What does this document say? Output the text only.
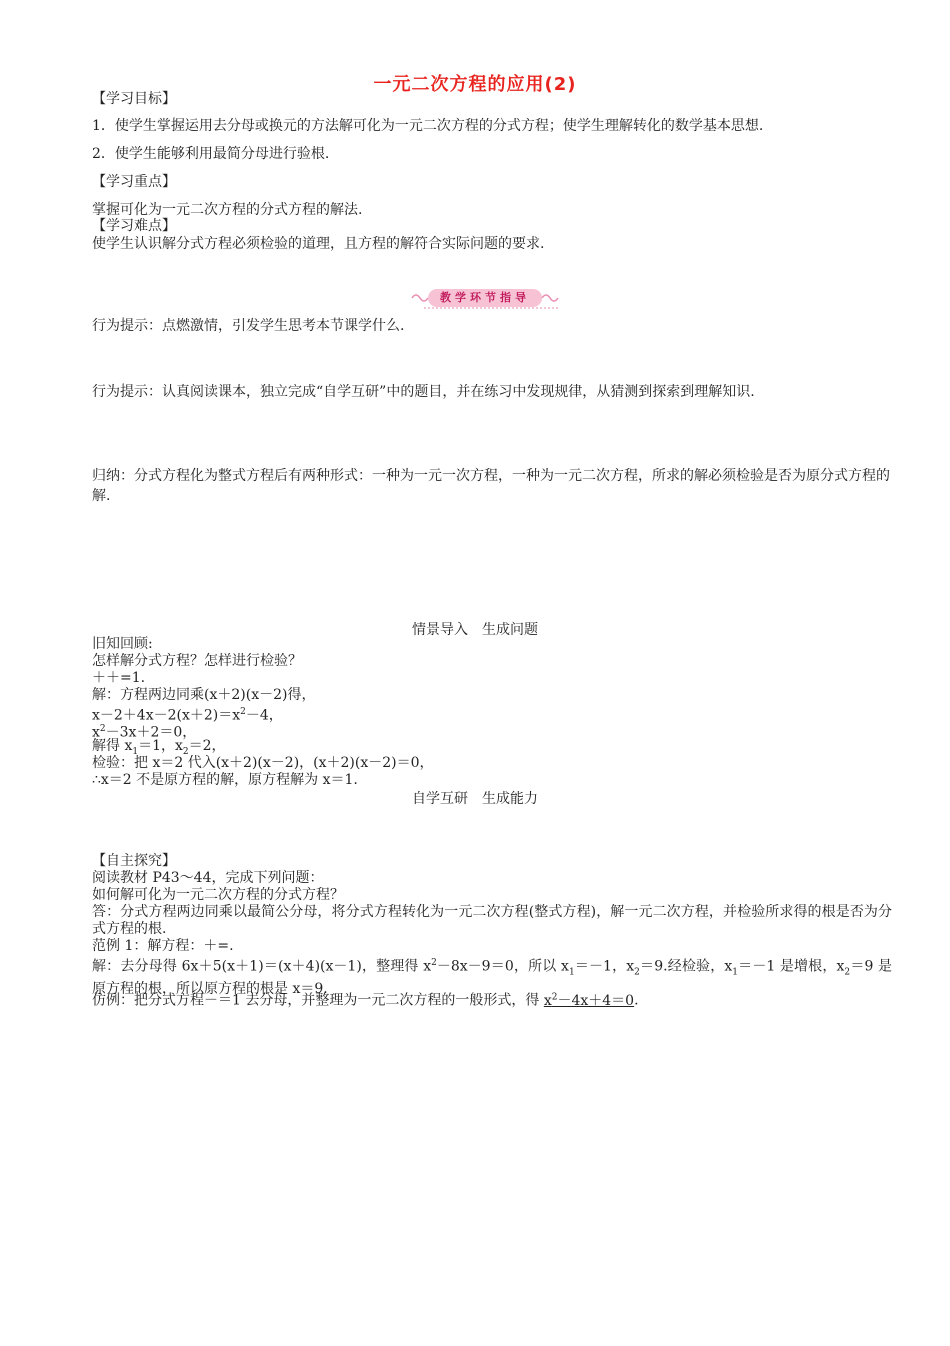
一元二次方程的应用(2)
【学习目标】
1．使学生掌握运用去分母或换元的方法解可化为一元二次方程的分式方程；使学生理解转化的数学基本思想.
2．使学生能够利用最简分母进行验根.
【学习重点】
掌握可化为一元二次方程的分式方程的解法.
【学习难点】
使学生认识解分式方程必须检验的道理，且方程的解符合实际问题的要求.
教学环节指导
行为提示：点燃激情，引发学生思考本节课学什么.
行为提示：认真阅读课本，独立完成“自学互研”中的题目，并在练习中发现规律，从猜测到探索到理解知识.
归纳：分式方程化为整式方程后有两种形式：一种为一元一次方程，一种为一元二次方程，所求的解必须检验是否为原分式方程的解.
情景导入　生成问题
旧知回顾:
怎样解分式方程？怎样进行检验？
＋＋=1.
解：方程两边同乘(x＋2)(x－2)得，
$x-2+4x-2(x+2)=x^2-4$，
$x^2-3x+2=0$，
解得 $x_1=1$，$x_2=2$，
检验：把 x＝2 代入(x＋2)(x－2)，(x＋2)(x－2)＝0，
∴x＝2 不是原方程的解，原方程解为 x＝1.
自学互研　生成能力
【自主探究】
阅读教材 P43～44，完成下列问题：
如何解可化为一元二次方程的分式方程？
答：分式方程两边同乘以最简公分母，将分式方程转化为一元二次方程(整式方程)，解一元二次方程，并检验所求得的根是否为分式方程的根.
范例 1：解方程：＋=.
解：去分母得 6x＋5(x＋1)＝(x＋4)(x－1)，整理得 $x^2-8x-9=0$，所以 $x_1=-1$，$x_2=9$.经检验，$x_1=-1$ 是增根，$x_2=9$ 是原方程的根，所以原方程的根是 x＝9.
仿例：把分式方程－＝1 去分母，并整理为一元二次方程的一般形式，得 $x^2-4x+4=0$.
